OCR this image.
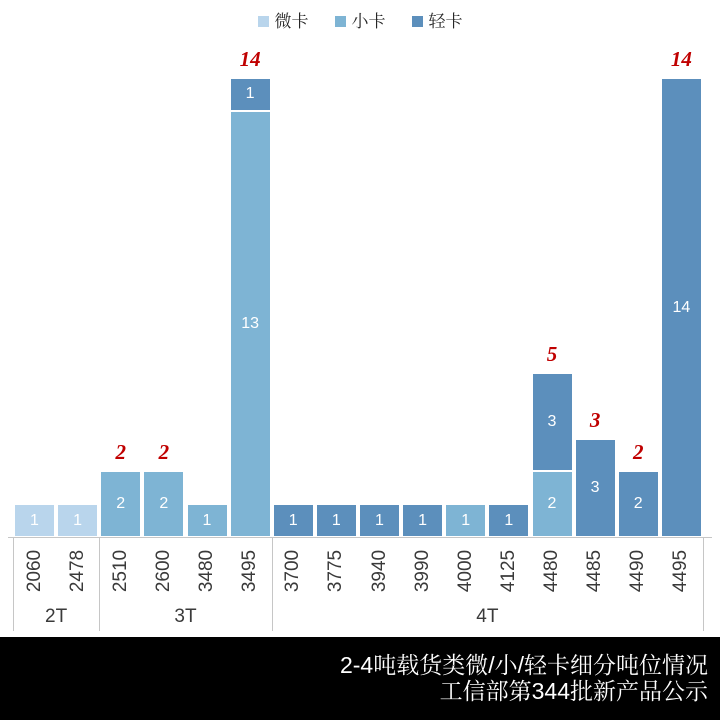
微卡	小卡	轻卡
1
2060
1
2478
2
2
2510
2
2
2600
1
3480
13
1
14
3495
1
3700
1
3775
1
3940
1
3990
1
4000
1
4125
2
3
5
4480
3
3
4485
2
2
4490
14
14
4495
2T	3T	4T
2-4吨载货类微/小/轻卡细分吨位情况
工信部第344批新产品公示
